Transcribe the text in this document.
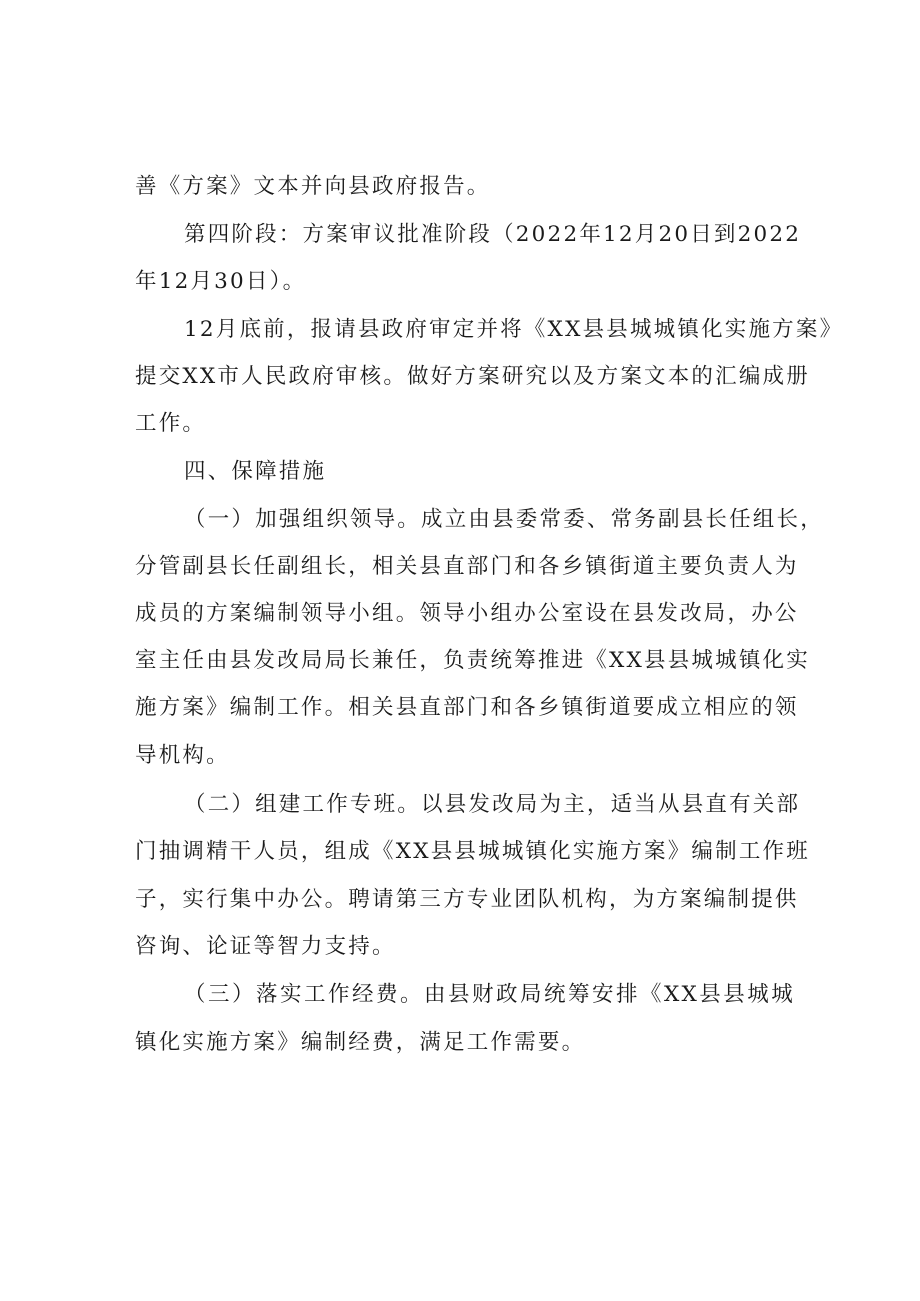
善《方案》文本并向县政府报告。
第四阶段：方案审议批准阶段（2022年12月20日到2022
年12月30日）。
12月底前，报请县政府审定并将《XX县县城城镇化实施方案》
提交XX市人民政府审核。做好方案研究以及方案文本的汇编成册
工作。
四、保障措施
（一）加强组织领导。成立由县委常委、常务副县长任组长，
分管副县长任副组长，相关县直部门和各乡镇街道主要负责人为
成员的方案编制领导小组。领导小组办公室设在县发改局，办公
室主任由县发改局局长兼任，负责统筹推进《XX县县城城镇化实
施方案》编制工作。相关县直部门和各乡镇街道要成立相应的领
导机构。
（二）组建工作专班。以县发改局为主，适当从县直有关部
门抽调精干人员，组成《XX县县城城镇化实施方案》编制工作班
子，实行集中办公。聘请第三方专业团队机构，为方案编制提供
咨询、论证等智力支持。
（三）落实工作经费。由县财政局统筹安排《XX县县城城
镇化实施方案》编制经费，满足工作需要。
